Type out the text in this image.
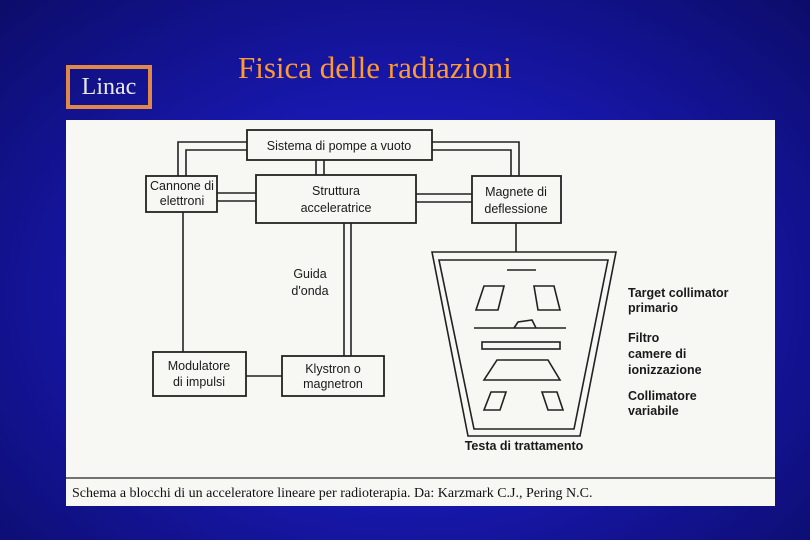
Linac
Fisica delle radiazioni
Sistema di pompe a vuoto
Cannone di
elettroni
Struttura
acceleratrice
Magnete di
deflessione
Modulatore
di impulsi
Klystron o
magnetron
Guida
d'onda	Target collimator
primario
Filtro
camere di
ionizzazione
Collimatore
variabile
Testa di trattamento
Schema a blocchi di un acceleratore lineare per radioterapia. Da: Karzmark C.J., Pering N.C.
